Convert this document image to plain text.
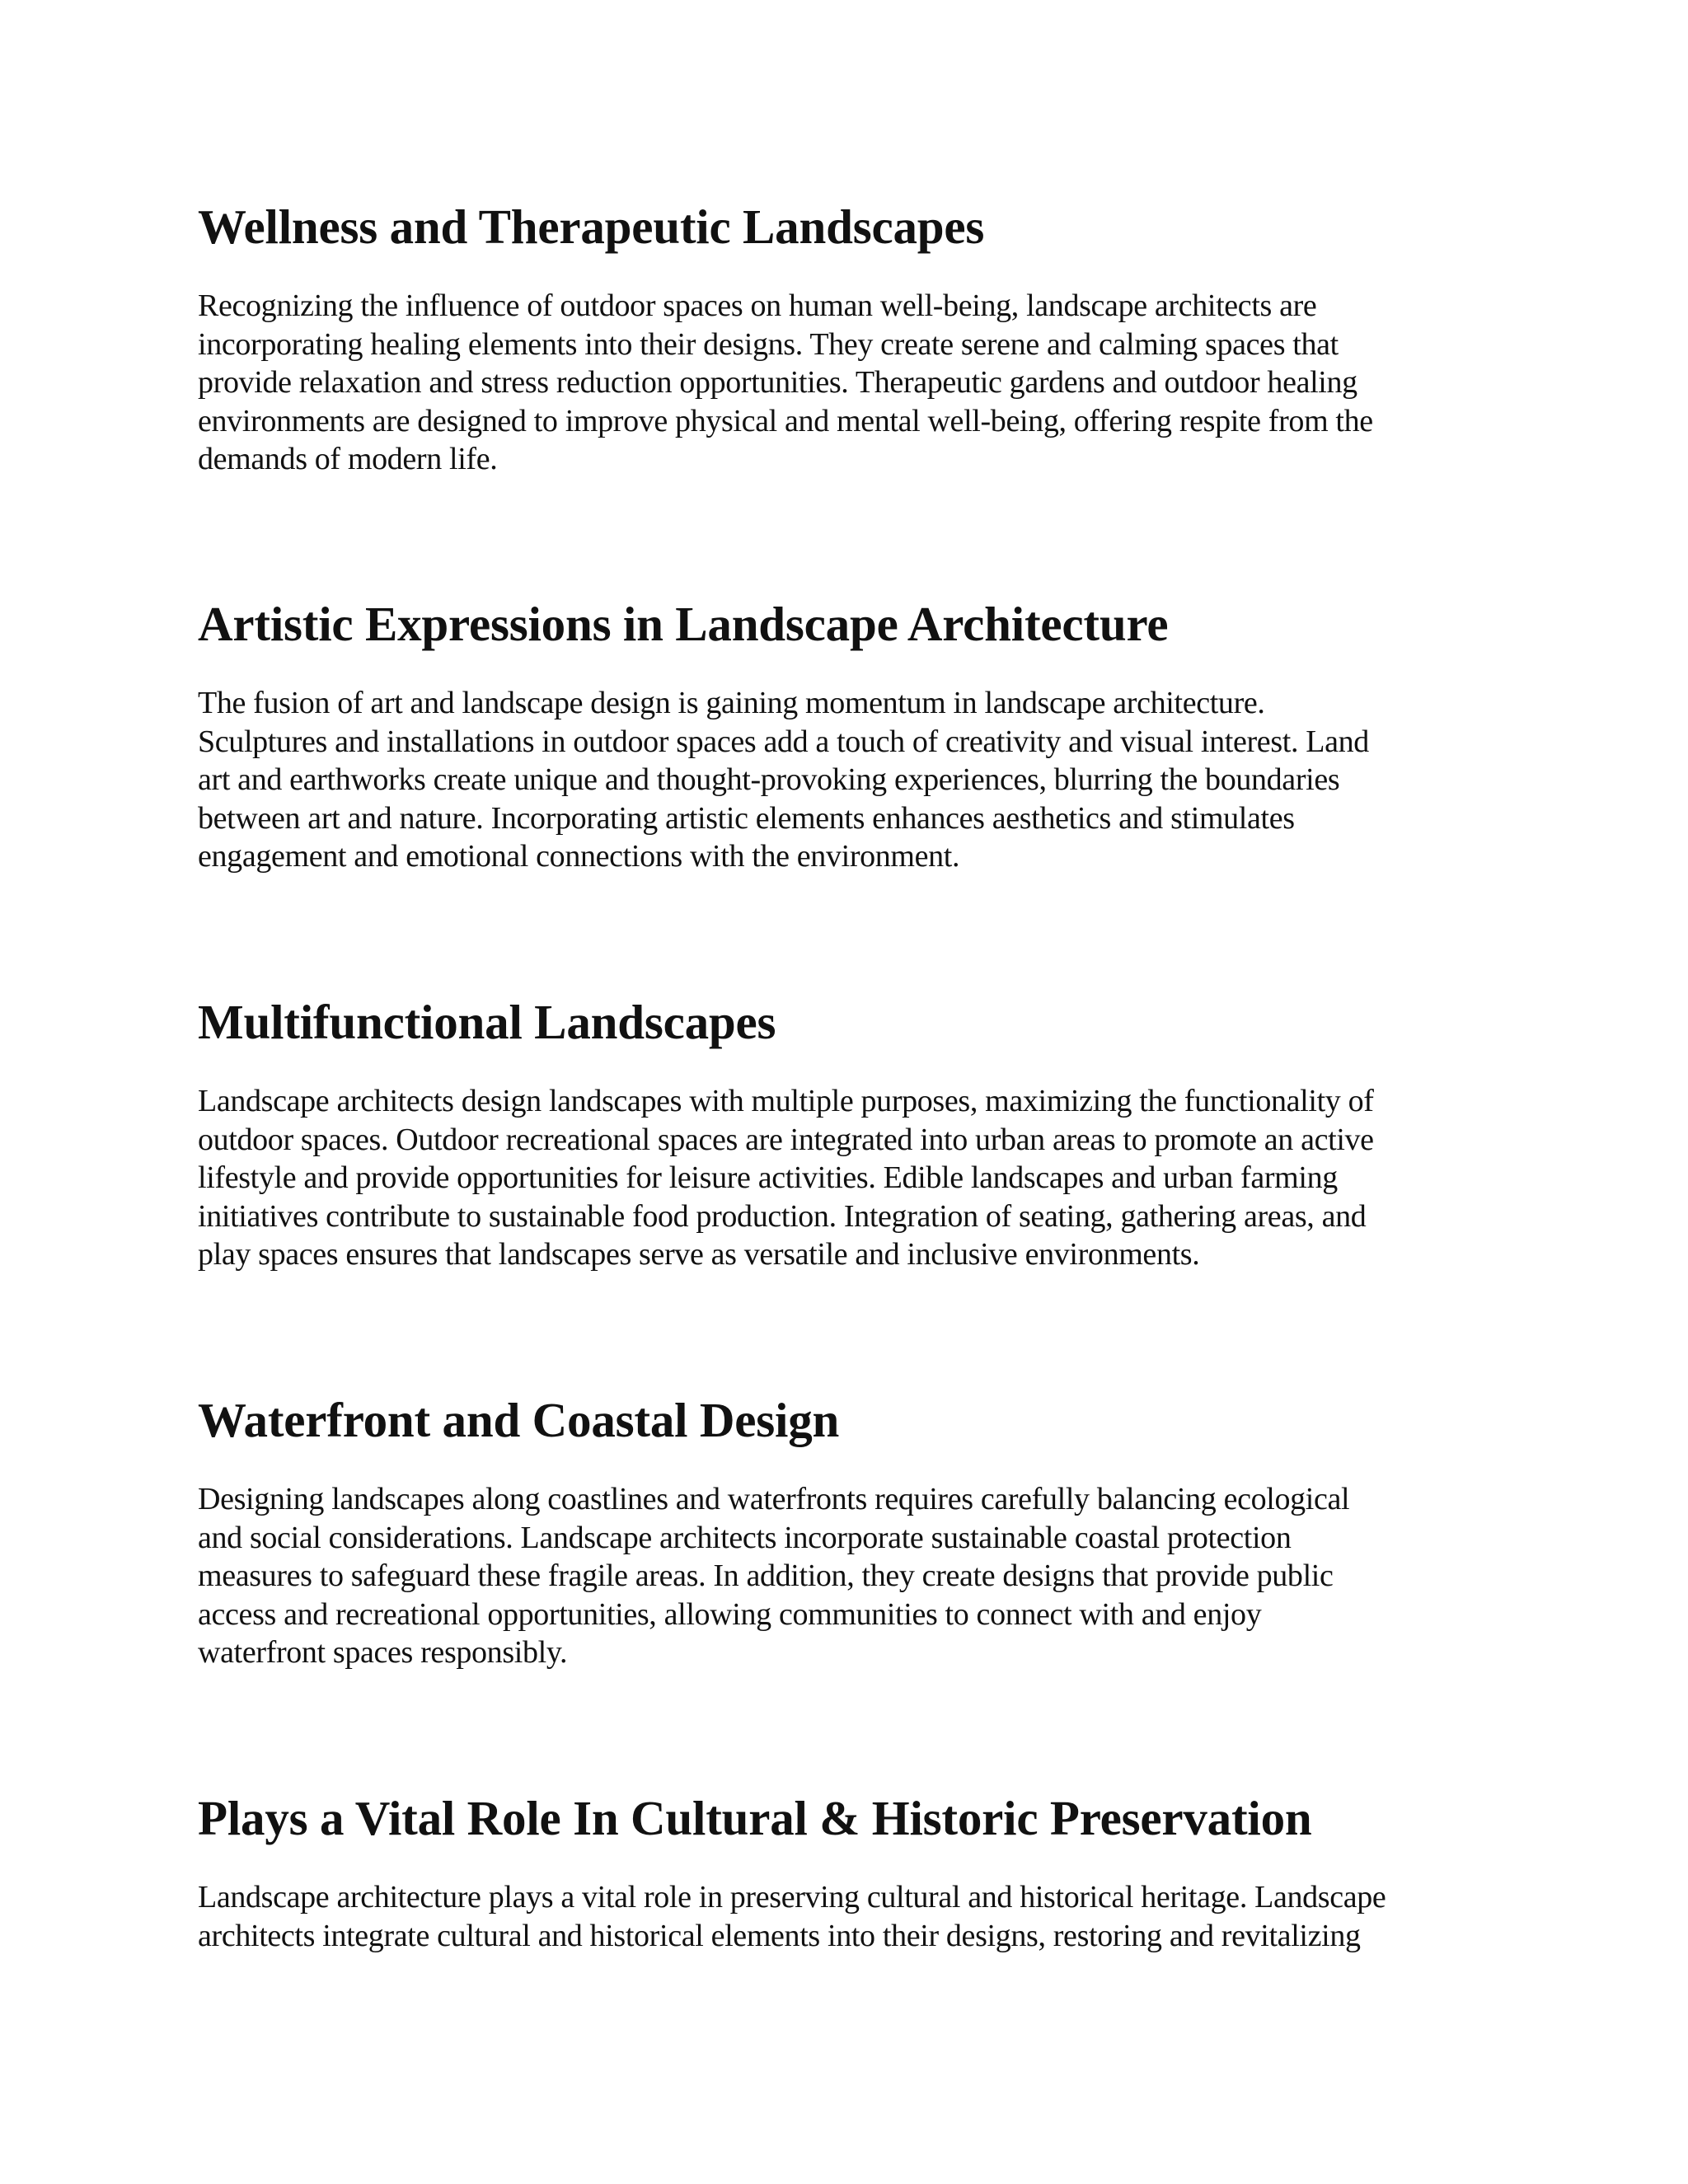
Wellness and Therapeutic Landscapes

Recognizing the influence of outdoor spaces on human well-being, landscape architects are
incorporating healing elements into their designs. They create serene and calming spaces that
provide relaxation and stress reduction opportunities. Therapeutic gardens and outdoor healing
environments are designed to improve physical and mental well-being, offering respite from the
demands of modern life.

Artistic Expressions in Landscape Architecture

The fusion of art and landscape design is gaining momentum in landscape architecture.
Sculptures and installations in outdoor spaces add a touch of creativity and visual interest. Land
art and earthworks create unique and thought-provoking experiences, blurring the boundaries
between art and nature. Incorporating artistic elements enhances aesthetics and stimulates
engagement and emotional connections with the environment.

Multifunctional Landscapes

Landscape architects design landscapes with multiple purposes, maximizing the functionality of
outdoor spaces. Outdoor recreational spaces are integrated into urban areas to promote an active
lifestyle and provide opportunities for leisure activities. Edible landscapes and urban farming
initiatives contribute to sustainable food production. Integration of seating, gathering areas, and
play spaces ensures that landscapes serve as versatile and inclusive environments.

Waterfront and Coastal Design

Designing landscapes along coastlines and waterfronts requires carefully balancing ecological
and social considerations. Landscape architects incorporate sustainable coastal protection
measures to safeguard these fragile areas. In addition, they create designs that provide public
access and recreational opportunities, allowing communities to connect with and enjoy
waterfront spaces responsibly.

Plays a Vital Role In Cultural & Historic Preservation

Landscape architecture plays a vital role in preserving cultural and historical heritage. Landscape
architects integrate cultural and historical elements into their designs, restoring and revitalizing
